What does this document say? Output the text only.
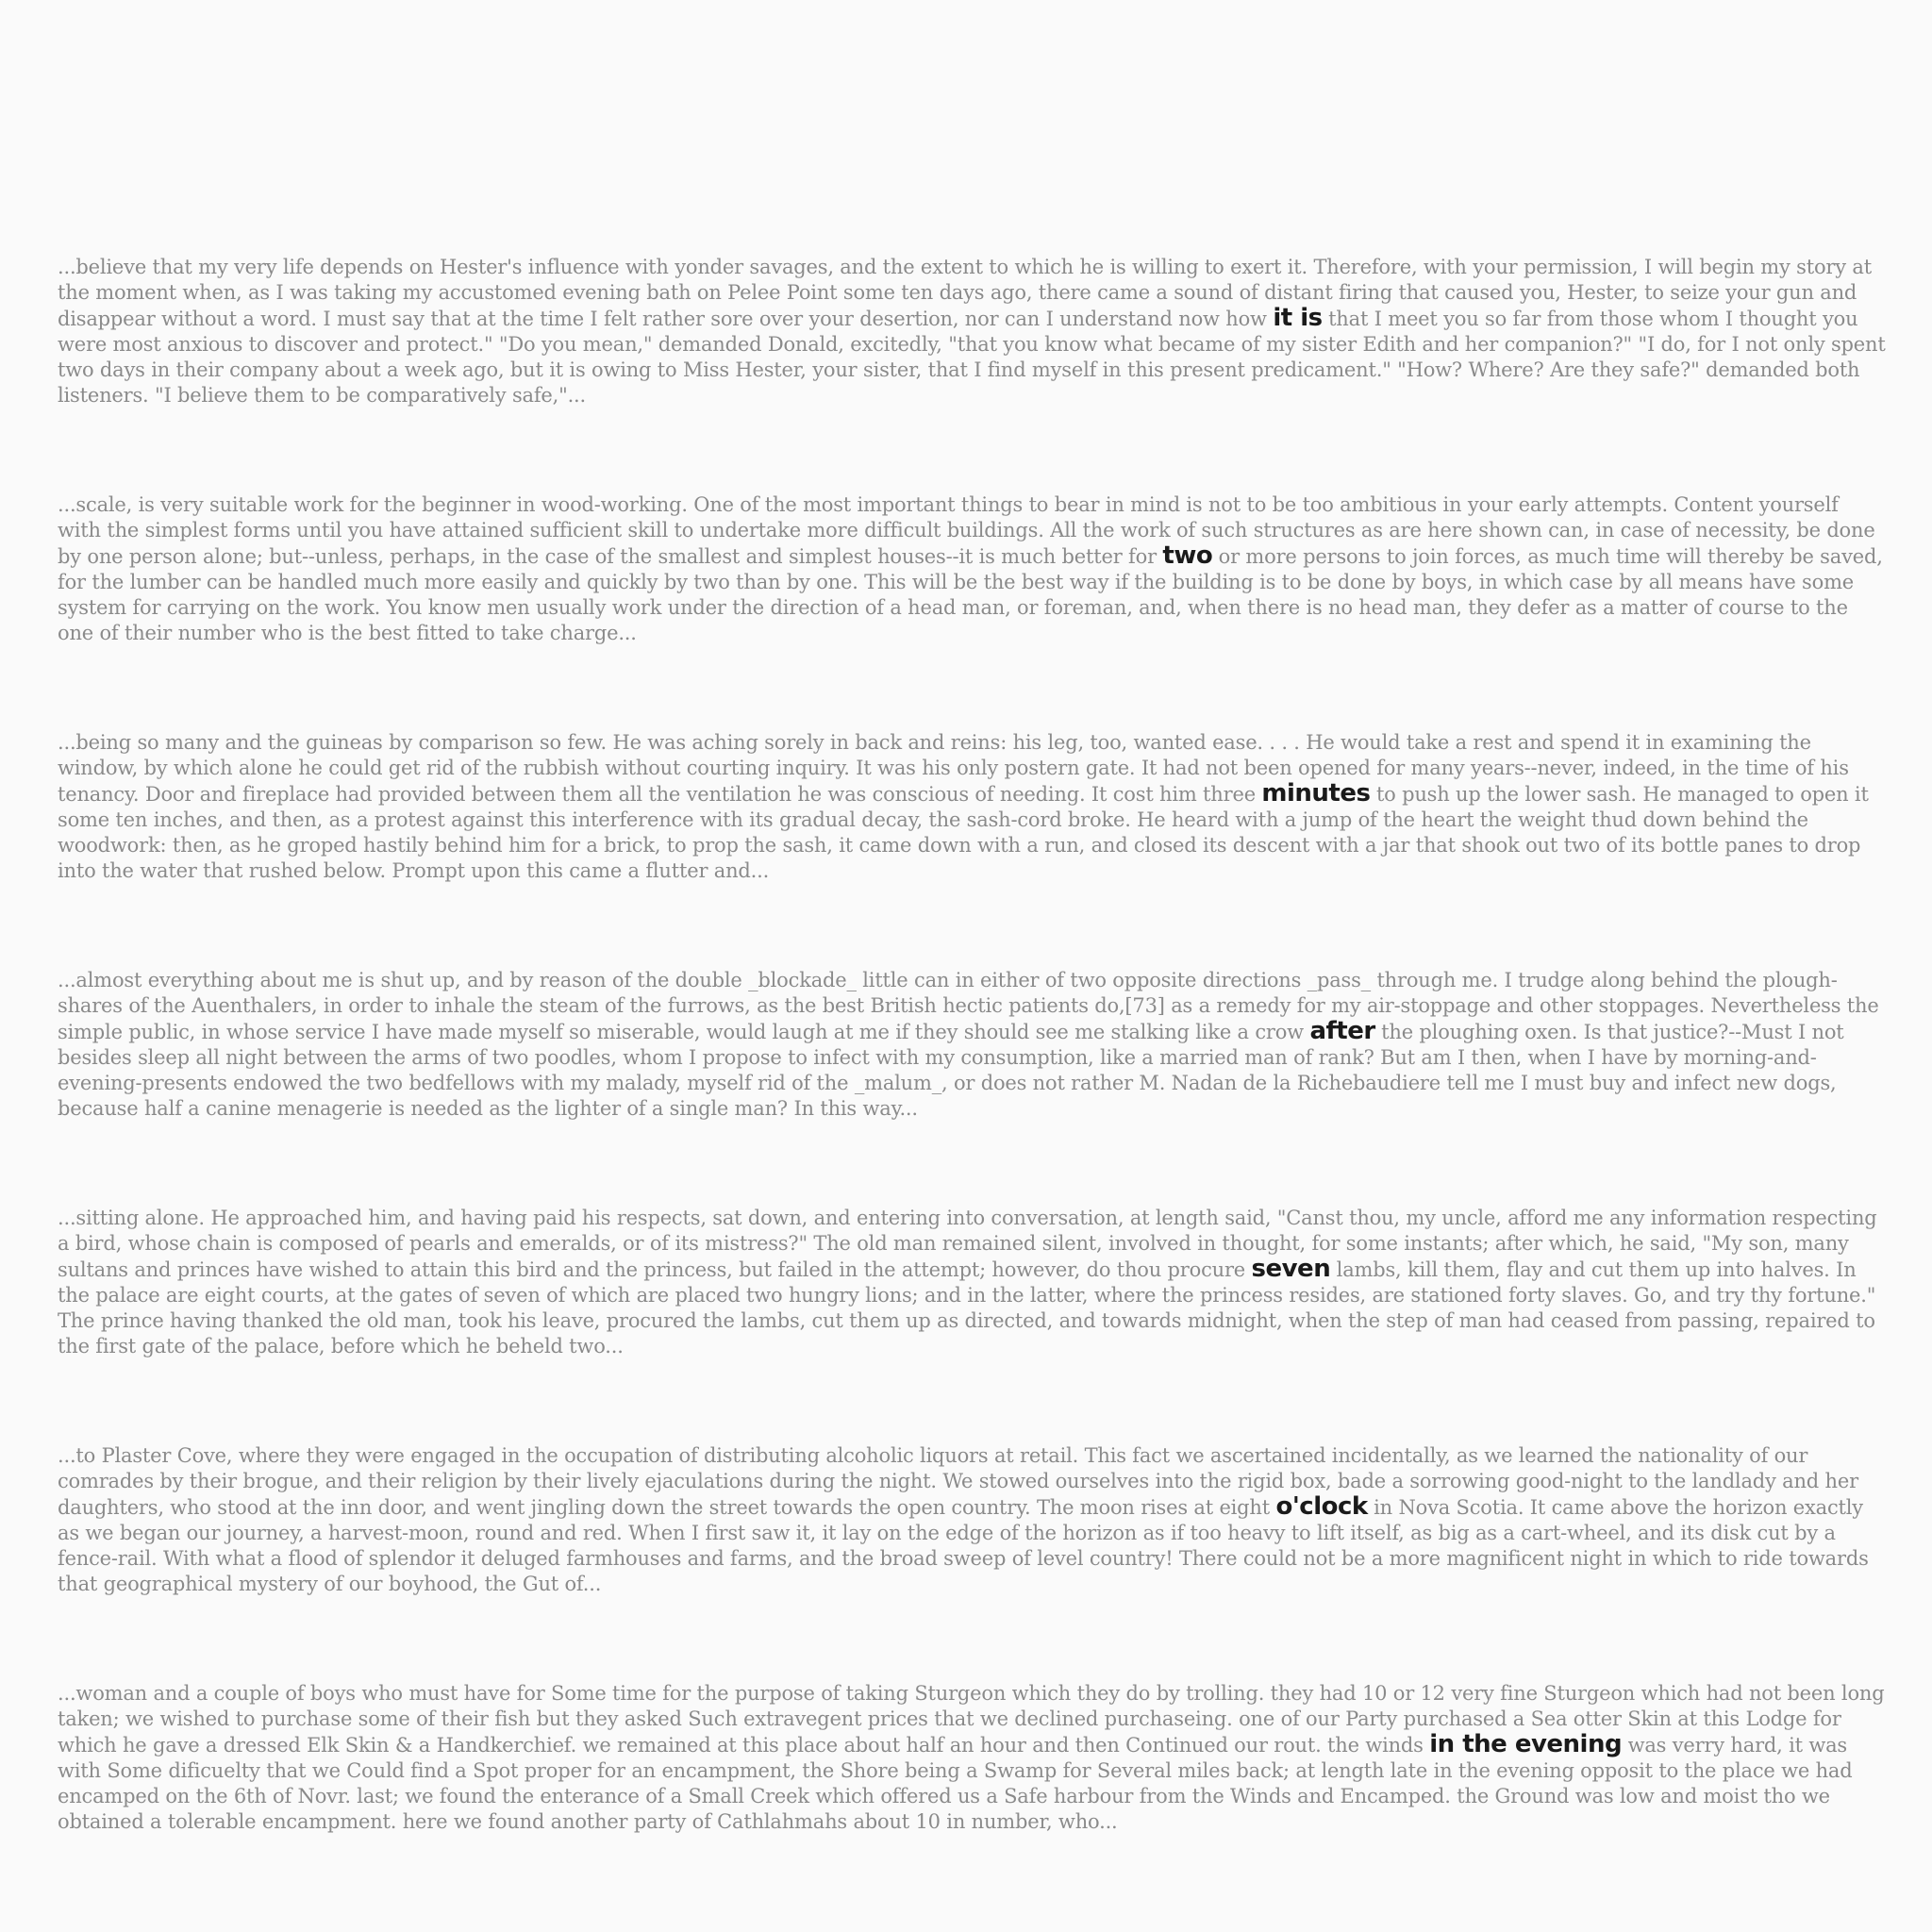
...believe that my very life depends on Hester's influence with yonder savages, and the extent to which he is willing to exert it. Therefore, with your permission, I will begin my story at the moment when, as I was taking my accustomed evening bath on Pelee Point some ten days ago, there came a sound of distant firing that caused you, Hester, to seize your gun and disappear without a word. I must say that at the time I felt rather sore over your desertion, nor can I understand now how it is that I meet you so far from those whom I thought you were most anxious to discover and protect." "Do you mean," demanded Donald, excitedly, "that you know what became of my sister Edith and her companion?" "I do, for I not only spent two days in their company about a week ago, but it is owing to Miss Hester, your sister, that I find myself in this present predicament." "How? Where? Are they safe?" demanded both listeners. "I believe them to be comparatively safe,"...

...scale, is very suitable work for the beginner in wood-working. One of the most important things to bear in mind is not to be too ambitious in your early attempts. Content yourself with the simplest forms until you have attained sufficient skill to undertake more difficult buildings. All the work of such structures as are here shown can, in case of necessity, be done by one person alone; but--unless, perhaps, in the case of the smallest and simplest houses--it is much better for two or more persons to join forces, as much time will thereby be saved, for the lumber can be handled much more easily and quickly by two than by one. This will be the best way if the building is to be done by boys, in which case by all means have some system for carrying on the work. You know men usually work under the direction of a head man, or foreman, and, when there is no head man, they defer as a matter of course to the one of their number who is the best fitted to take charge...

...being so many and the guineas by comparison so few. He was aching sorely in back and reins: his leg, too, wanted ease. . . . He would take a rest and spend it in examining the window, by which alone he could get rid of the rubbish without courting inquiry. It was his only postern gate. It had not been opened for many years--never, indeed, in the time of his tenancy. Door and fireplace had provided between them all the ventilation he was conscious of needing. It cost him three minutes to push up the lower sash. He managed to open it some ten inches, and then, as a protest against this interference with its gradual decay, the sash-cord broke. He heard with a jump of the heart the weight thud down behind the woodwork: then, as he groped hastily behind him for a brick, to prop the sash, it came down with a run, and closed its descent with a jar that shook out two of its bottle panes to drop into the water that rushed below. Prompt upon this came a flutter and...

...almost everything about me is shut up, and by reason of the double _blockade_ little can in either of two opposite directions _pass_ through me. I trudge along behind the plough-shares of the Auenthalers, in order to inhale the steam of the furrows, as the best British hectic patients do,[73] as a remedy for my air-stoppage and other stoppages. Nevertheless the simple public, in whose service I have made myself so miserable, would laugh at me if they should see me stalking like a crow after the ploughing oxen. Is that justice?--Must I not besides sleep all night between the arms of two poodles, whom I propose to infect with my consumption, like a married man of rank? But am I then, when I have by morning-and-evening-presents endowed the two bedfellows with my malady, myself rid of the _malum_, or does not rather M. Nadan de la Richebaudiere tell me I must buy and infect new dogs, because half a canine menagerie is needed as the lighter of a single man? In this way...

...sitting alone. He approached him, and having paid his respects, sat down, and entering into conversation, at length said, "Canst thou, my uncle, afford me any information respecting a bird, whose chain is composed of pearls and emeralds, or of its mistress?" The old man remained silent, involved in thought, for some instants; after which, he said, "My son, many sultans and princes have wished to attain this bird and the princess, but failed in the attempt; however, do thou procure seven lambs, kill them, flay and cut them up into halves. In the palace are eight courts, at the gates of seven of which are placed two hungry lions; and in the latter, where the princess resides, are stationed forty slaves. Go, and try thy fortune." The prince having thanked the old man, took his leave, procured the lambs, cut them up as directed, and towards midnight, when the step of man had ceased from passing, repaired to the first gate of the palace, before which he beheld two...

...to Plaster Cove, where they were engaged in the occupation of distributing alcoholic liquors at retail. This fact we ascertained incidentally, as we learned the nationality of our comrades by their brogue, and their religion by their lively ejaculations during the night. We stowed ourselves into the rigid box, bade a sorrowing good-night to the landlady and her daughters, who stood at the inn door, and went jingling down the street towards the open country. The moon rises at eight o'clock in Nova Scotia. It came above the horizon exactly as we began our journey, a harvest-moon, round and red. When I first saw it, it lay on the edge of the horizon as if too heavy to lift itself, as big as a cart-wheel, and its disk cut by a fence-rail. With what a flood of splendor it deluged farmhouses and farms, and the broad sweep of level country! There could not be a more magnificent night in which to ride towards that geographical mystery of our boyhood, the Gut of...

...woman and a couple of boys who must have for Some time for the purpose of taking Sturgeon which they do by trolling. they had 10 or 12 very fine Sturgeon which had not been long taken; we wished to purchase some of their fish but they asked Such extravegent prices that we declined purchaseing. one of our Party purchased a Sea otter Skin at this Lodge for which he gave a dressed Elk Skin & a Handkerchief. we remained at this place about half an hour and then Continued our rout. the winds in the evening was verry hard, it was with Some dificuelty that we Could find a Spot proper for an encampment, the Shore being a Swamp for Several miles back; at length late in the evening opposit to the place we had encamped on the 6th of Novr. last; we found the enterance of a Small Creek which offered us a Safe harbour from the Winds and Encamped. the Ground was low and moist tho we obtained a tolerable encampment. here we found another party of Cathlahmahs about 10 in number, who...
